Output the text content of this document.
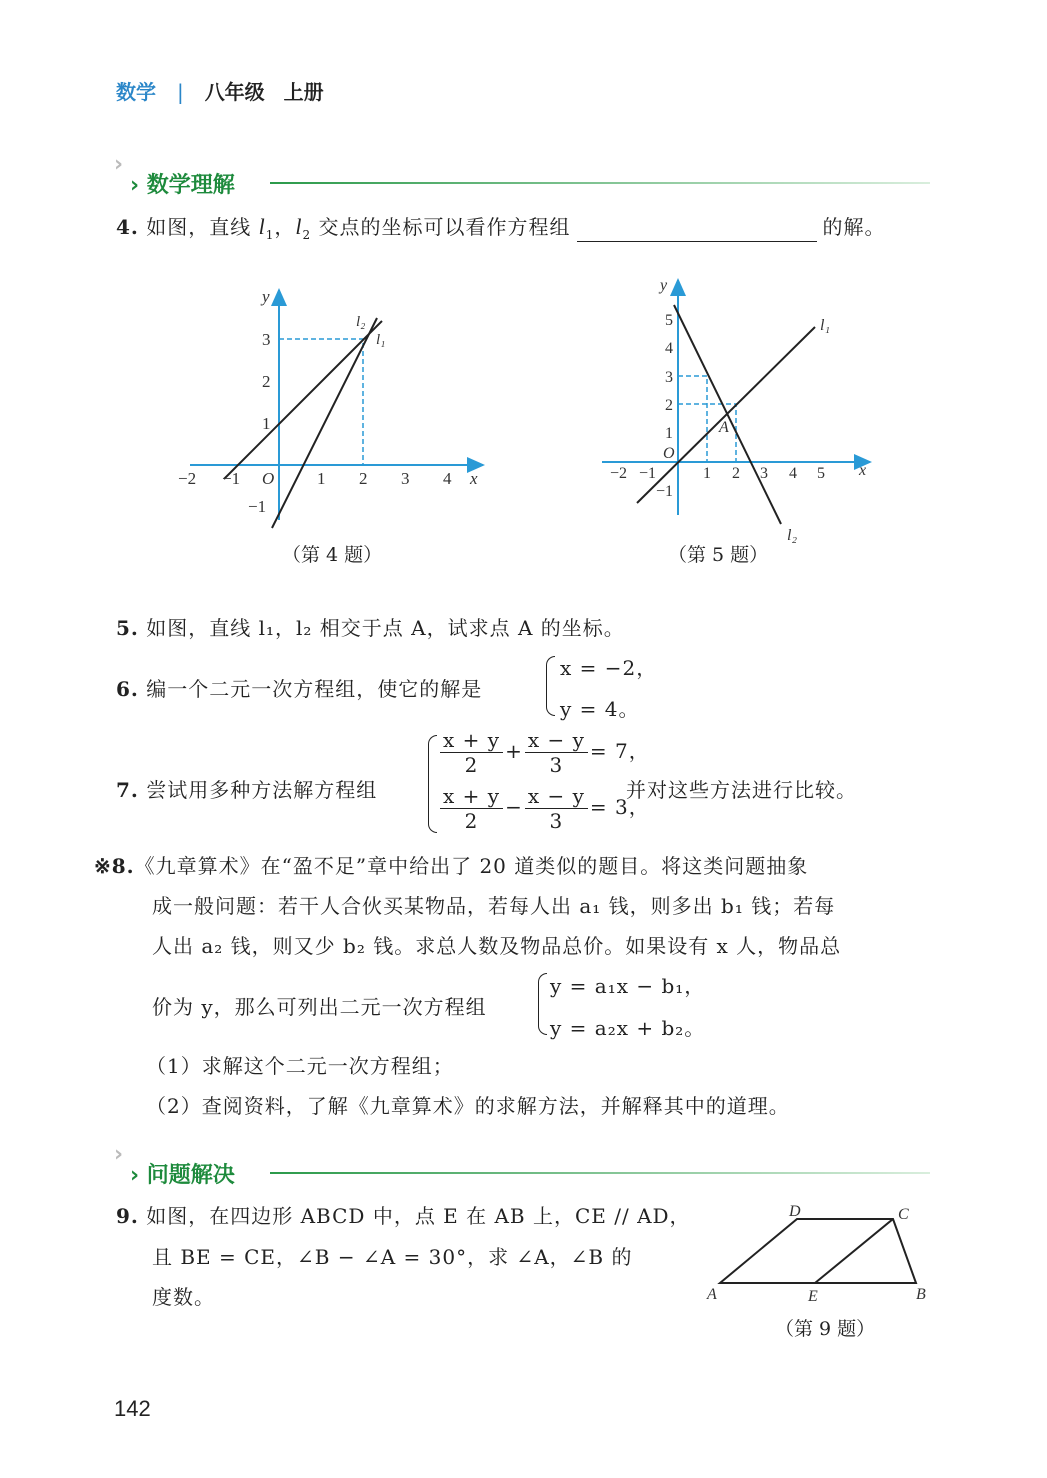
数学 | 八年级 上册
›
› 数学理解
4. 如图，直线 $l_1$，$l_2$ 交点的坐标可以看作方程组	的解。
−2 −1	1 2 3 4
3
2
1
−1
O	x
y
l₁
l₂
−2 −1	1 2 3 4 5
5
4
3
2
1
−1
O
x
y
l₁
l₂
A
（第 4 题）	（第 5 题）
5. 如图，直线 l₁，l₂ 相交于点 A，试求点 A 的坐标。
6. 编一个二元一次方程组，使它的解是
x = −2，
y = 4。
7. 尝试用多种方法解方程组
$\frac{x + y}{2} + \frac{x - y}{3} = 7$，
$\frac{x + y}{2} - \frac{x - y}{3} = 3$，
并对这些方法进行比较。
※8.《九章算术》在“盈不足”章中给出了 20 道类似的题目。将这类问题抽象
成一般问题：若干人合伙买某物品，若每人出 a₁ 钱，则多出 b₁ 钱；若每
人出 a₂ 钱，则又少 b₂ 钱。求总人数及物品总价。如果设有 x 人，物品总
价为 y，那么可列出二元一次方程组
y = a₁x − b₁，
y = a₂x + b₂。
（1）求解这个二元一次方程组；
（2）查阅资料，了解《九章算术》的求解方法，并解释其中的道理。
›
› 问题解决
9. 如图，在四边形 ABCD 中，点 E 在 AB 上，CE // AD，
且 BE = CE，∠B − ∠A = 30°，求 ∠A，∠B 的
度数。	A	B
C
D
E
（第 9 题）
142
